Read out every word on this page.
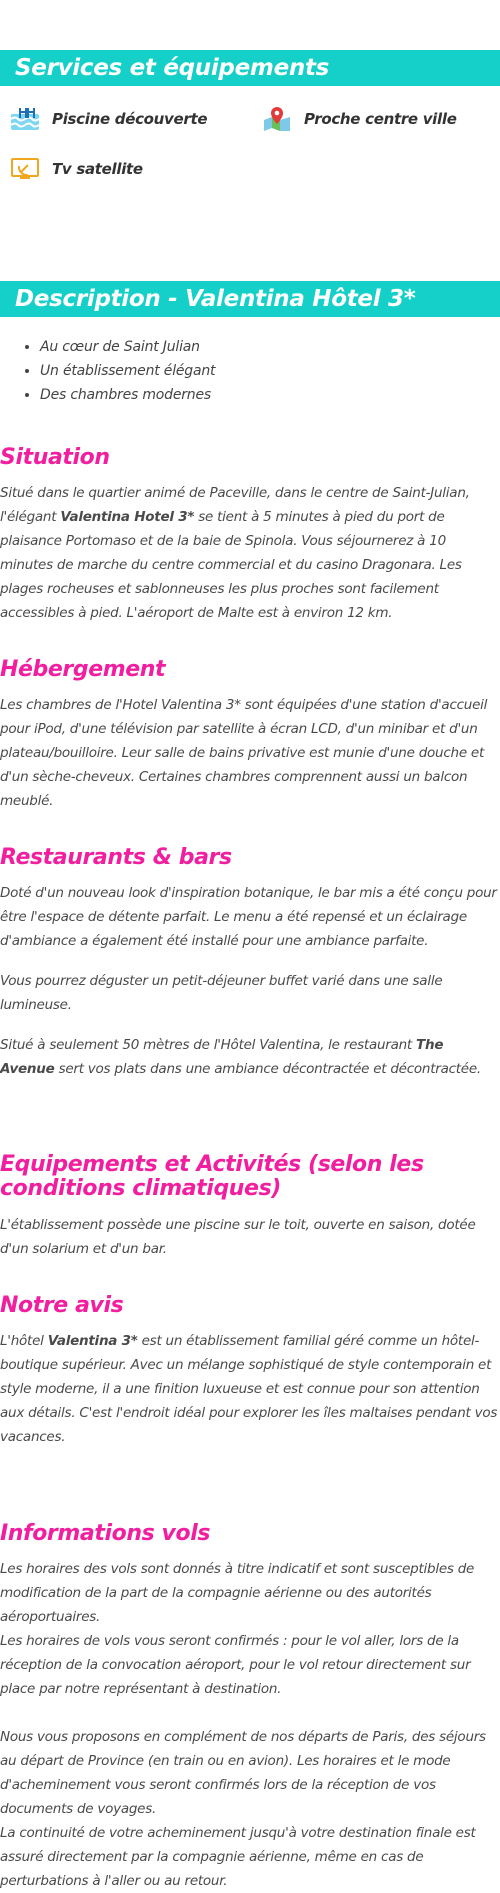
Services et équipements
Piscine découverte	Proche centre ville
Tv satellite
Description - Valentina Hôtel 3*
• Au cœur de Saint Julian
• Un établissement élégant
• Des chambres modernes
Situation

Situé dans le quartier animé de Paceville, dans le centre de Saint-Julian, l'élégant Valentina Hotel 3* se tient à 5 minutes à pied du port de plaisance Portomaso et de la baie de Spinola. Vous séjournerez à 10 minutes de marche du centre commercial et du casino Dragonara. Les plages rocheuses et sablonneuses les plus proches sont facilement accessibles à pied. L'aéroport de Malte est à environ 12 km.

Hébergement

Les chambres de l'Hotel Valentina 3* sont équipées d'une station d'accueil pour iPod, d'une télévision par satellite à écran LCD, d'un minibar et d'un plateau/bouilloire. Leur salle de bains privative est munie d'une douche et d'un sèche-cheveux. Certaines chambres comprennent aussi un balcon meublé.

Restaurants & bars

Doté d'un nouveau look d'inspiration botanique, le bar mis a été conçu pour être l'espace de détente parfait. Le menu a été repensé et un éclairage d'ambiance a également été installé pour une ambiance parfaite.

Vous pourrez déguster un petit-déjeuner buffet varié dans une salle lumineuse.

Situé à seulement 50 mètres de l'Hôtel Valentina, le restaurant The Avenue sert vos plats dans une ambiance décontractée et décontractée.

Equipements et Activités (selon les conditions climatiques)

L'établissement possède une piscine sur le toit, ouverte en saison, dotée d'un solarium et d'un bar.

Notre avis

L'hôtel Valentina 3* est un établissement familial géré comme un hôtel-boutique supérieur. Avec un mélange sophistiqué de style contemporain et style moderne, il a une finition luxueuse et est connue pour son attention aux détails. C'est l'endroit idéal pour explorer les îles maltaises pendant vos vacances.

Informations vols

Les horaires des vols sont donnés à titre indicatif et sont susceptibles de modification de la part de la compagnie aérienne ou des autorités aéroportuaires.

Les horaires de vols vous seront confirmés : pour le vol aller, lors de la réception de la convocation aéroport, pour le vol retour directement sur place par notre représentant à destination.

Nous vous proposons en complément de nos départs de Paris, des séjours au départ de Province (en train ou en avion). Les horaires et le mode d'acheminement vous seront confirmés lors de la réception de vos documents de voyages.

La continuité de votre acheminement jusqu'à votre destination finale est assuré directement par la compagnie aérienne, même en cas de perturbations à l'aller ou au retour.
